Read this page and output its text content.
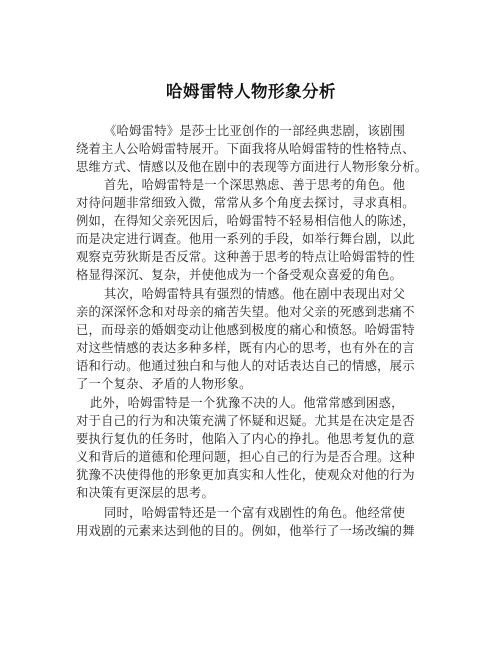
哈姆雷特人物形象分析
《哈姆雷特》是莎士比亚创作的一部经典悲剧，该剧围
绕着主人公哈姆雷特展开。下面我将从哈姆雷特的性格特点、
思维方式、情感以及他在剧中的表现等方面进行人物形象分析。
首先，哈姆雷特是一个深思熟虑、善于思考的角色。他
对待问题非常细致入微，常常从多个角度去探讨，寻求真相。
例如，在得知父亲死因后，哈姆雷特不轻易相信他人的陈述，
而是决定进行调查。他用一系列的手段，如举行舞台剧，以此
观察克劳狄斯是否反常。这种善于思考的特点让哈姆雷特的性
格显得深沉、复杂，并使他成为一个备受观众喜爱的角色。
其次，哈姆雷特具有强烈的情感。他在剧中表现出对父
亲的深深怀念和对母亲的痛苦失望。他对父亲的死感到悲痛不
已，而母亲的婚姻变动让他感到极度的痛心和愤怒。哈姆雷特
对这些情感的表达多种多样，既有内心的思考，也有外在的言
语和行动。他通过独白和与他人的对话表达自己的情感，展示
了一个复杂、矛盾的人物形象。
此外，哈姆雷特是一个犹豫不决的人。他常常感到困惑，
对于自己的行为和决策充满了怀疑和迟疑。尤其是在决定是否
要执行复仇的任务时，他陷入了内心的挣扎。他思考复仇的意
义和背后的道德和伦理问题，担心自己的行为是否合理。这种
犹豫不决使得他的形象更加真实和人性化，使观众对他的行为
和决策有更深层的思考。
同时，哈姆雷特还是一个富有戏剧性的角色。他经常使
用戏剧的元素来达到他的目的。例如，他举行了一场改编的舞
